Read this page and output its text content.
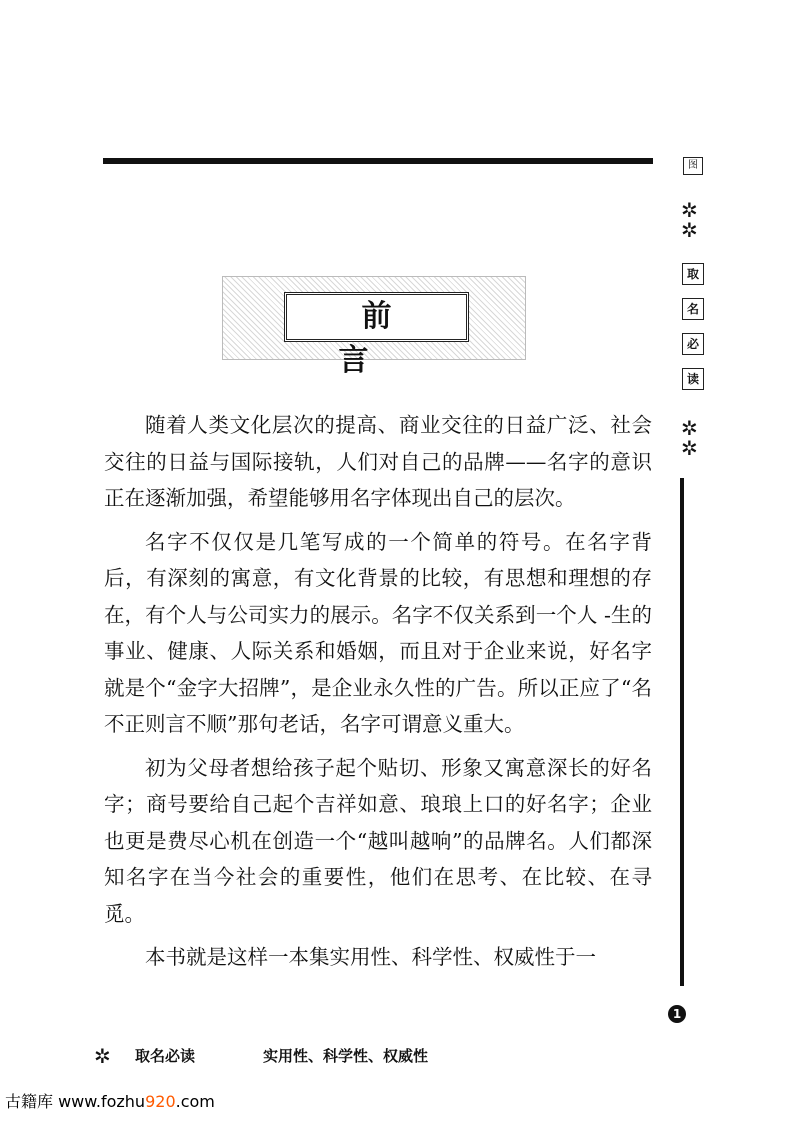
图
✲
✲
取
名
必
读
✲
✲
1
前言

随着人类文化层次的提高、商业交往的日益广泛、社会交往的日益与国际接轨，人们对自己的品牌——名字的意识正在逐渐加强，希望能够用名字体现出自己的层次。

名字不仅仅是几笔写成的一个简单的符号。在名字背后，有深刻的寓意，有文化背景的比较，有思想和理想的存在，有个人与公司实力的展示。名字不仅关系到一个人 -生的事业、健康、人际关系和婚姻，而且对于企业来说，好名字就是个“金字大招牌”，是企业永久性的广告。所以正应了“名不正则言不顺”那句老话，名字可谓意义重大。

初为父母者想给孩子起个贴切、形象又寓意深长的好名字；商号要给自己起个吉祥如意、琅琅上口的好名字；企业也更是费尽心机在创造一个“越叫越响”的品牌名。人们都深知名字在当今社会的重要性，他们在思考、在比较、在寻觅。

本书就是这样一本集实用性、科学性、权威性于一

✲ 取名必读	实用性、科学性、权威性
古籍库 www.fozhu920.com
